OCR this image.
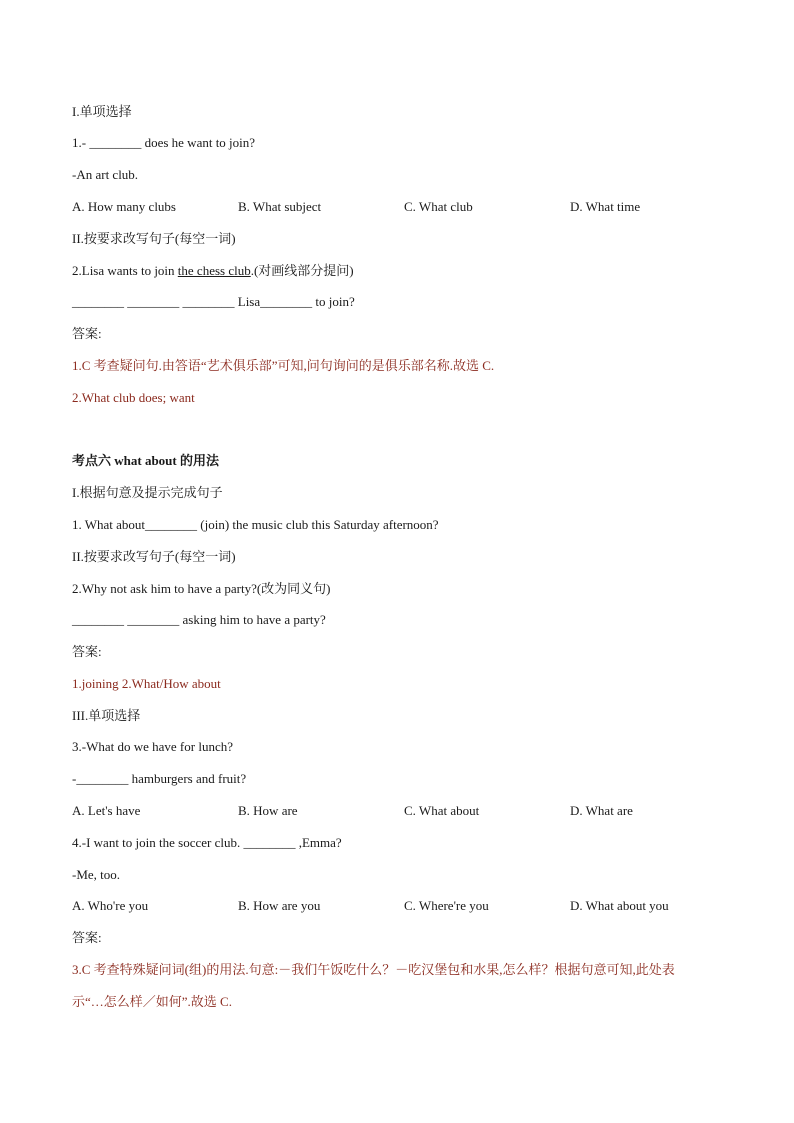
I.单项选择
1.- ________ does he want to join?
-An art club.
A. How many clubs	B. What subject	C. What club	D. What time
II.按要求改写句子(每空一词)
2.Lisa wants to join the chess club.(对画线部分提问)
________ ________ ________ Lisa________ to join?
答案:
1.C 考查疑问句.由答语“艺术俱乐部”可知,问句询问的是俱乐部名称.故选 C.
2.What club does; want
考点六 what about 的用法
I.根据句意及提示完成句子
1. What about________ (join) the music club this Saturday afternoon?
II.按要求改写句子(每空一词)
2.Why not ask him to have a party?(改为同义句)
________ ________ asking him to have a party?
答案:
1.joining 2.What/How about
III.单项选择
3.-What do we have for lunch?
-________ hamburgers and fruit?
A. Let's have	B. How are	C. What about	D. What are
4.-I want to join the soccer club. ________ ,Emma?
-Me, too.
A. Who're you	B. How are you	C. Where're you	D. What about you
答案:
3.C 考查特殊疑问词(组)的用法.句意:－我们午饭吃什么？－吃汉堡包和水果,怎么样？根据句意可知,此处表
示“…怎么样／如何”.故选 C.
